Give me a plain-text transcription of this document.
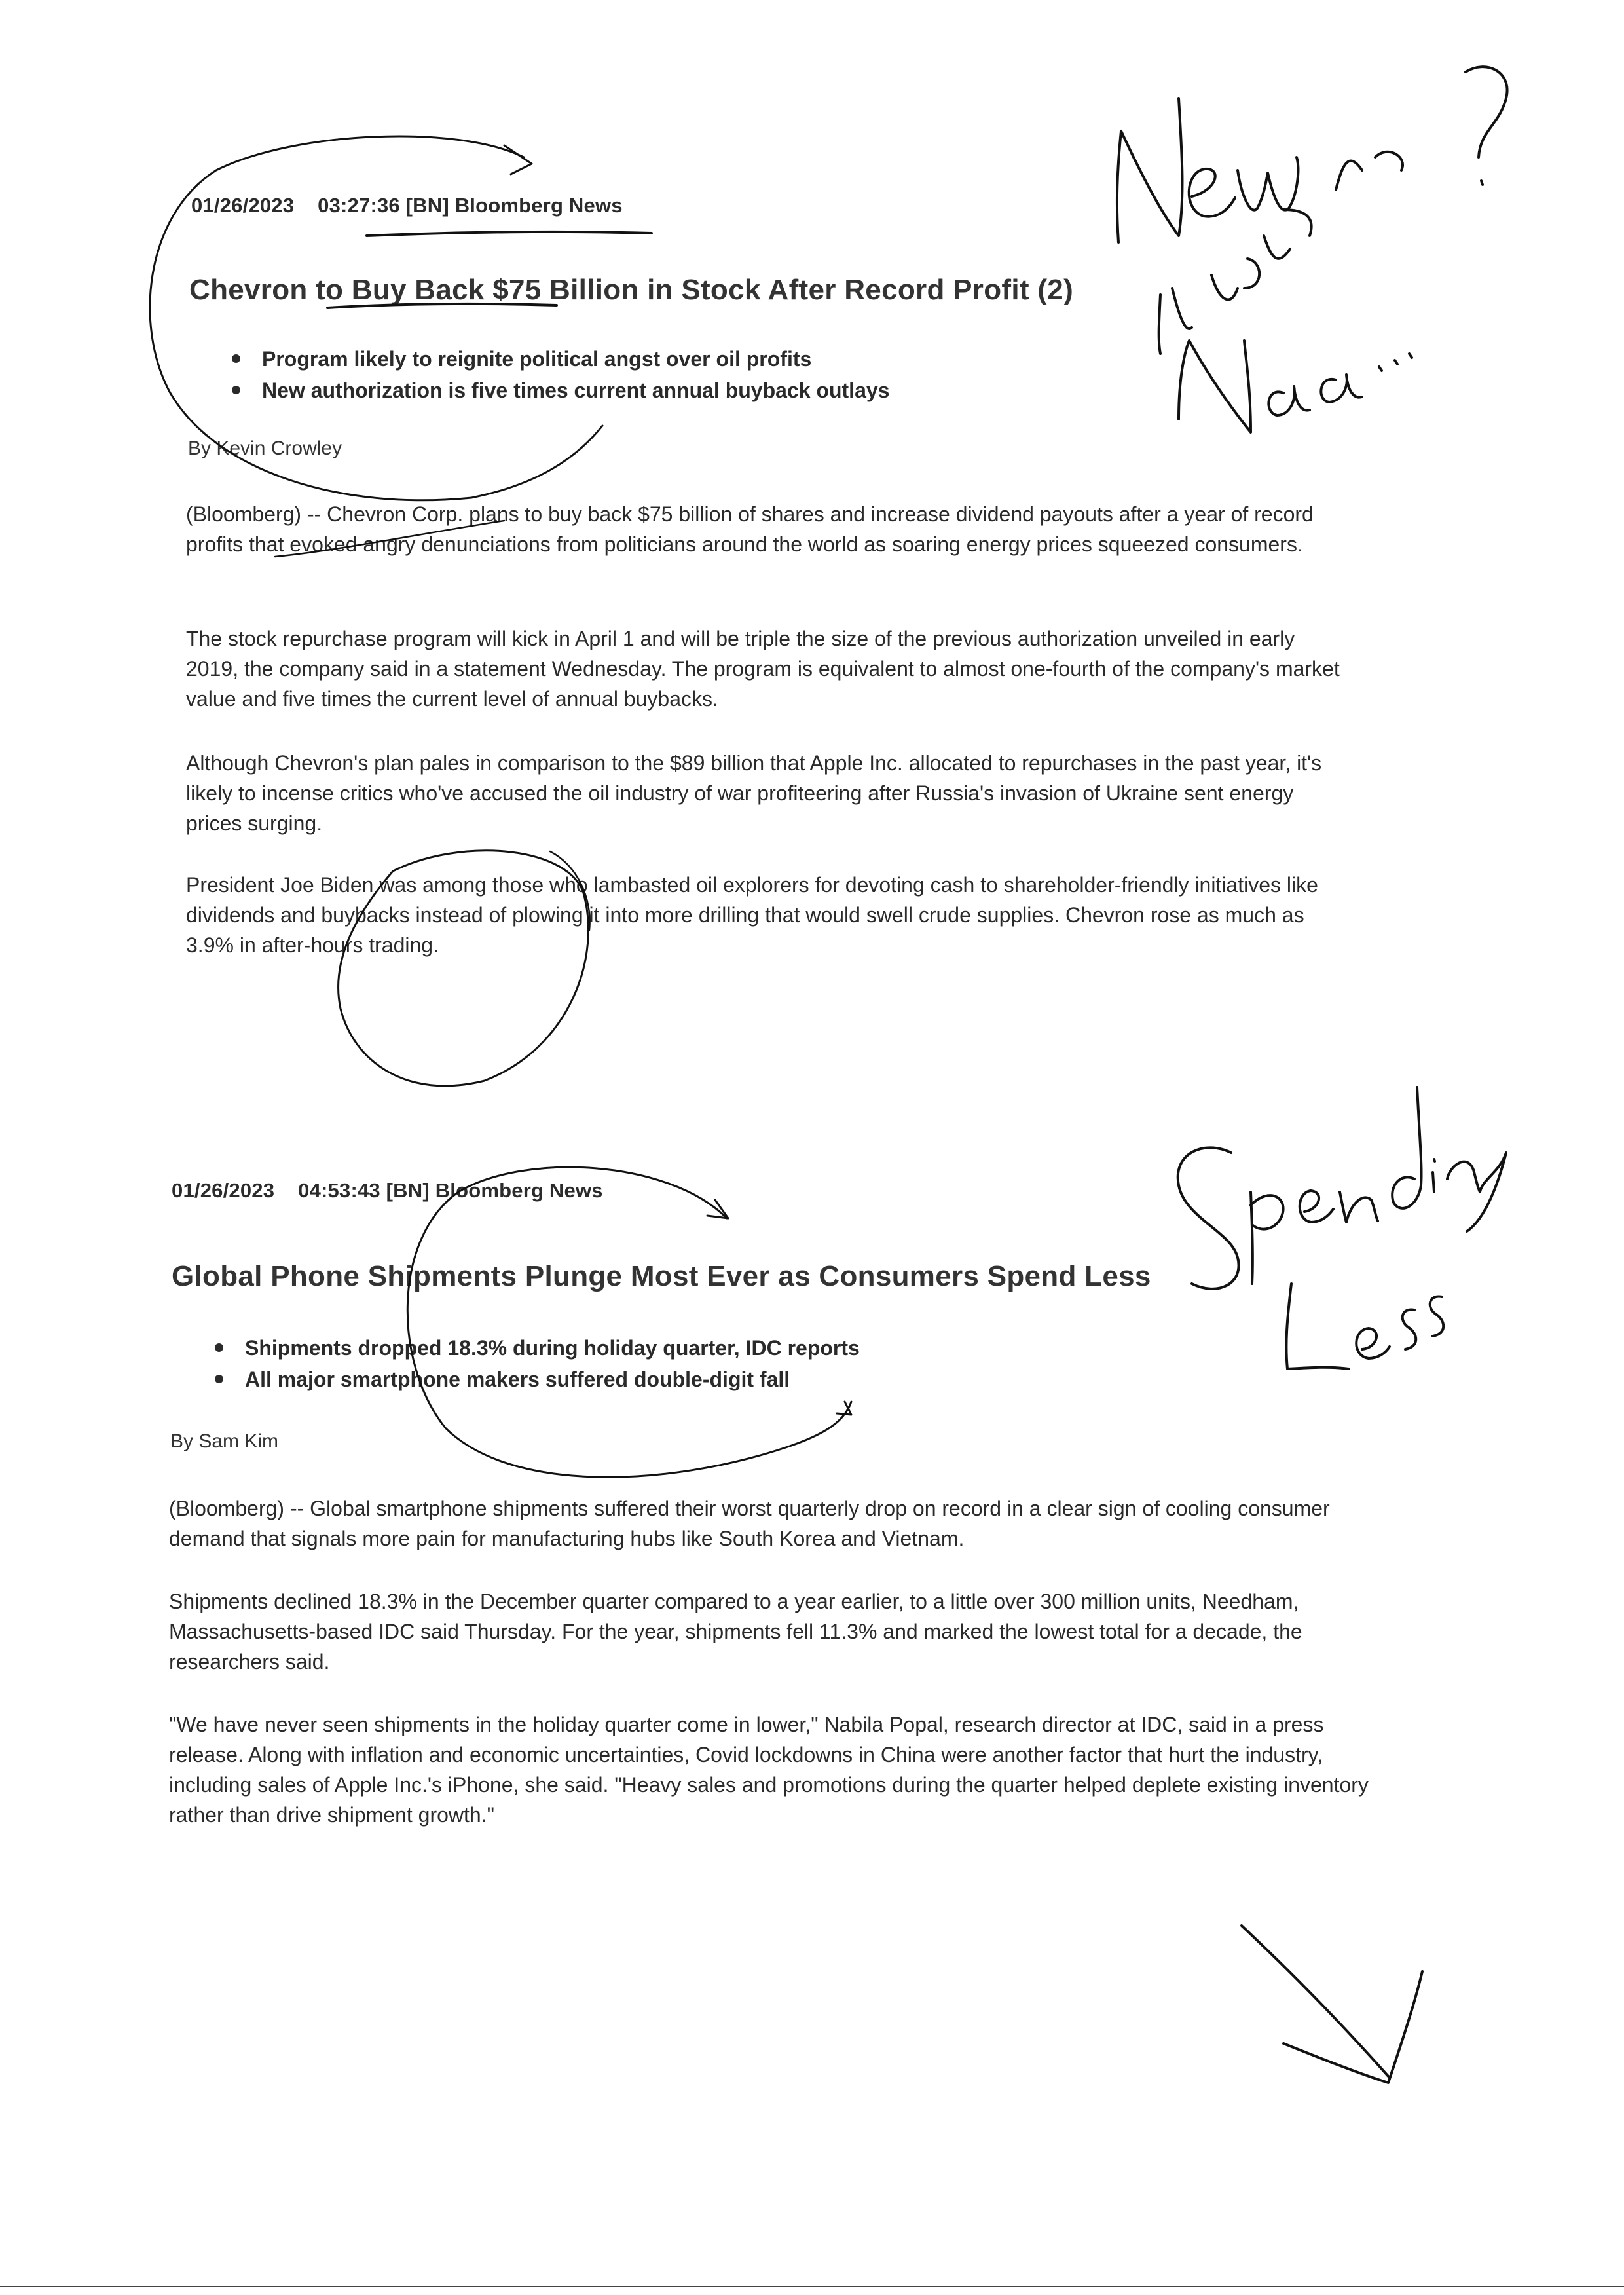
01/26/2023 03:27:36 [BN] Bloomberg News
Chevron to Buy Back $75 Billion in Stock After Record Profit (2)
Program likely to reignite political angst over oil profits
New authorization is five times current annual buyback outlays
By Kevin Crowley

(Bloomberg) -- Chevron Corp. plans to buy back $75 billion of shares and increase dividend payouts after a year of record profits that evoked angry denunciations from politicians around the world as soaring energy prices squeezed consumers.

The stock repurchase program will kick in April 1 and will be triple the size of the previous authorization unveiled in early 2019, the company said in a statement Wednesday. The program is equivalent to almost one-fourth of the company's market value and five times the current level of annual buybacks.

Although Chevron's plan pales in comparison to the $89 billion that Apple Inc. allocated to repurchases in the past year, it's likely to incense critics who've accused the oil industry of war profiteering after Russia's invasion of Ukraine sent energy prices surging.

President Joe Biden was among those who lambasted oil explorers for devoting cash to shareholder-friendly initiatives like dividends and buybacks instead of plowing it into more drilling that would swell crude supplies. Chevron rose as much as 3.9% in after-hours trading.

01/26/2023 04:53:43 [BN] Bloomberg News
Global Phone Shipments Plunge Most Ever as Consumers Spend Less
Shipments dropped 18.3% during holiday quarter, IDC reports
All major smartphone makers suffered double-digit fall
By Sam Kim

(Bloomberg) -- Global smartphone shipments suffered their worst quarterly drop on record in a clear sign of cooling consumer demand that signals more pain for manufacturing hubs like South Korea and Vietnam.

Shipments declined 18.3% in the December quarter compared to a year earlier, to a little over 300 million units, Needham, Massachusetts-based IDC said Thursday. For the year, shipments fell 11.3% and marked the lowest total for a decade, the researchers said.

"We have never seen shipments in the holiday quarter come in lower," Nabila Popal, research director at IDC, said in a press release. Along with inflation and economic uncertainties, Covid lockdowns in China were another factor that hurt the industry, including sales of Apple Inc.'s iPhone, she said. "Heavy sales and promotions during the quarter helped deplete existing inventory rather than drive shipment growth."
